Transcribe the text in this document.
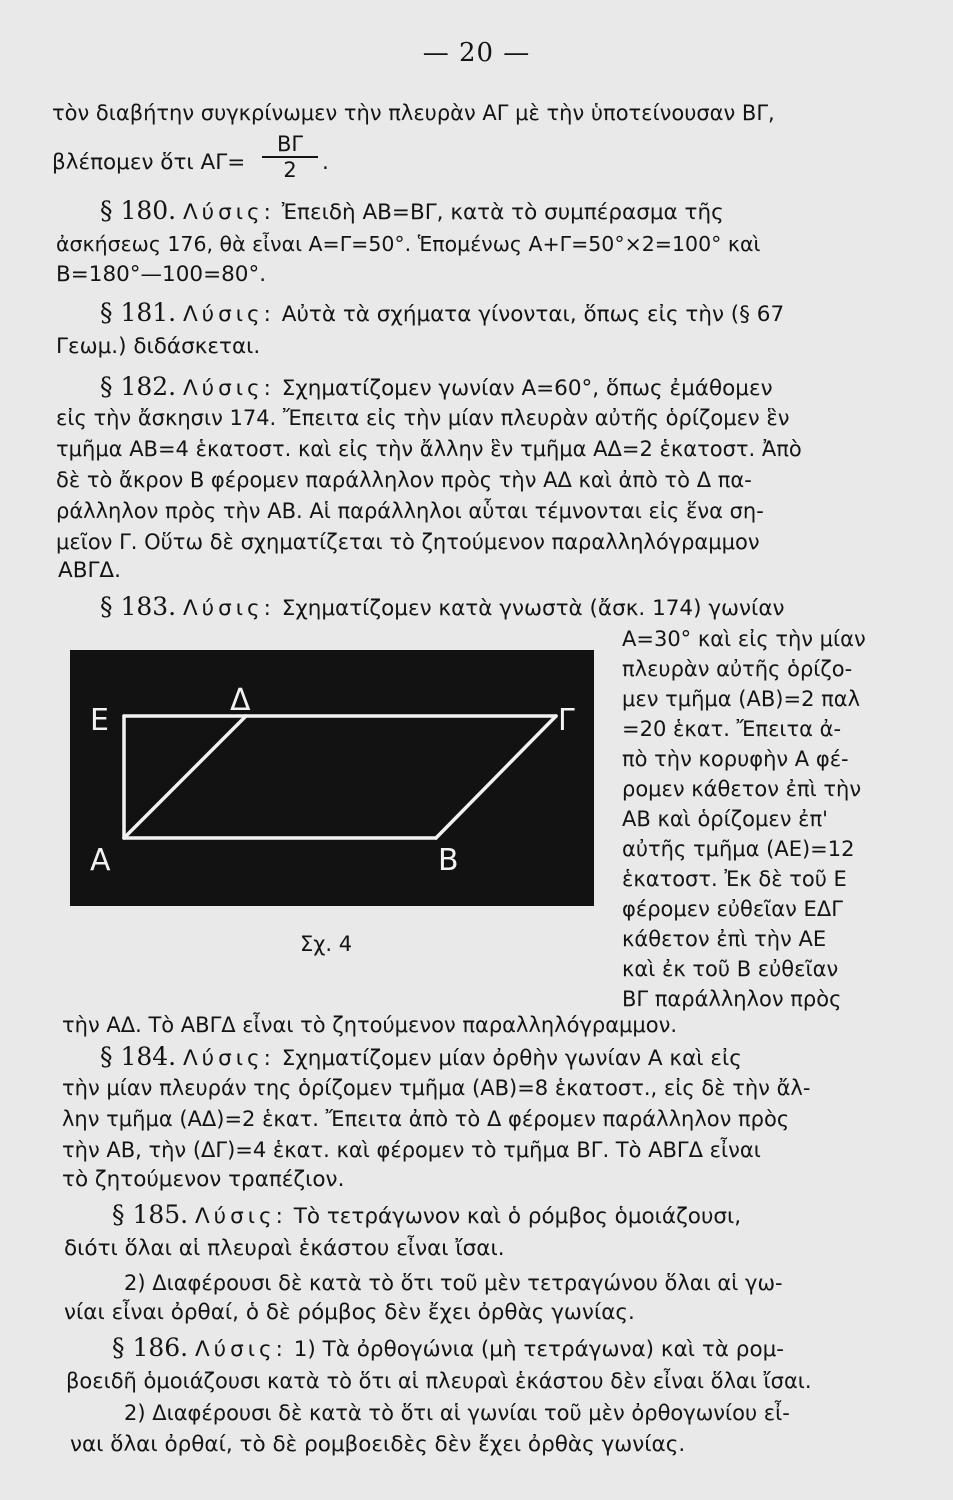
— 20 —
τὸν διαβήτην συγκρίνωμεν τὴν πλευρὰν ΑΓ μὲ τὴν ὑποτείνουσαν ΒΓ,
βλέπομεν ὅτι $A\Gamma= \frac{B\Gamma}{2}$ .
§ 180. Λύσις: Ἐπειδὴ ΑΒ=ΒΓ, κατὰ τὸ συμπέρασμα τῆς
ἀσκήσεως 176, θὰ εἶναι Α=Γ=50°. Ἑπομένως Α+Γ=50°×2=100° καὶ
Β=180°—100=80°.
§ 181. Λύσις: Αὐτὰ τὰ σχήματα γίνονται, ὅπως εἰς τὴν (§ 67
Γεωμ.) διδάσκεται.
§ 182. Λύσις: Σχηματίζομεν γωνίαν Α=60°, ὅπως ἐμάθομεν
εἰς τὴν ἄσκησιν 174. Ἔπειτα εἰς τὴν μίαν πλευρὰν αὐτῆς ὁρίζομεν ἓν
τμῆμα ΑΒ=4 ἑκατοστ. καὶ εἰς τὴν ἄλλην ἓν τμῆμα ΑΔ=2 ἑκατοστ. Ἀπὸ
δὲ τὸ ἄκρον Β φέρομεν παράλληλον πρὸς τὴν ΑΔ καὶ ἀπὸ τὸ Δ πα-
ράλληλον πρὸς τὴν ΑΒ. Αἱ παράλληλοι αὗται τέμνονται εἰς ἕνα ση-
μεῖον Γ. Οὕτω δὲ σχηματίζεται τὸ ζητούμενον παραλληλόγραμμον
ΑΒΓΔ.
§ 183. Λύσις: Σχηματίζομεν κατὰ γνωστὰ (ἄσκ. 174) γωνίαν
Α=30° καὶ εἰς τὴν μίαν
πλευρὰν αὐτῆς ὁρίζο-
μεν τμῆμα (ΑΒ)=2 παλ
=20 ἑκατ. Ἔπειτα ἀ-
πὸ τὴν κορυφὴν Α φέ-
ρομεν κάθετον ἐπὶ τὴν
ΑΒ καὶ ὁρίζομεν ἐπ'
αὐτῆς τμῆμα (ΑΕ)=12
ἑκατοστ. Ἐκ δὲ τοῦ Ε
φέρομεν εὐθεῖαν ΕΔΓ
κάθετον ἐπὶ τὴν ΑΕ
καὶ ἐκ τοῦ Β εὐθεῖαν
ΒΓ παράλληλον πρὸς
τὴν ΑΔ. Τὸ ΑΒΓΔ εἶναι τὸ ζητούμενον παραλληλόγραμμον.
Ε
Δ
Γ
Α	Β
Σχ. 4
§ 184. Λύσις: Σχηματίζομεν μίαν ὀρθὴν γωνίαν Α καὶ εἰς
τὴν μίαν πλευράν της ὁρίζομεν τμῆμα (ΑΒ)=8 ἑκατοστ., εἰς δὲ τὴν ἄλ-
λην τμῆμα (ΑΔ)=2 ἑκατ. Ἔπειτα ἀπὸ τὸ Δ φέρομεν παράλληλον πρὸς
τὴν ΑΒ, τὴν (ΔΓ)=4 ἑκατ. καὶ φέρομεν τὸ τμῆμα ΒΓ. Τὸ ΑΒΓΔ εἶναι
τὸ ζητούμενον τραπέζιον.
§ 185. Λύσις: Τὸ τετράγωνον καὶ ὁ ρόμβος ὁμοιάζουσι,
διότι ὅλαι αἱ πλευραὶ ἑκάστου εἶναι ἴσαι.
2) Διαφέρουσι δὲ κατὰ τὸ ὅτι τοῦ μὲν τετραγώνου ὅλαι αἱ γω-
νίαι εἶναι ὀρθαί, ὁ δὲ ρόμβος δὲν ἔχει ὀρθὰς γωνίας.
§ 186. Λύσις: 1) Τὰ ὀρθογώνια (μὴ τετράγωνα) καὶ τὰ ρομ-
βοειδῆ ὁμοιάζουσι κατὰ τὸ ὅτι αἱ πλευραὶ ἑκάστου δὲν εἶναι ὅλαι ἴσαι.
2) Διαφέρουσι δὲ κατὰ τὸ ὅτι αἱ γωνίαι τοῦ μὲν ὀρθογωνίου εἶ-
ναι ὅλαι ὀρθαί, τὸ δὲ ρομβοειδὲς δὲν ἔχει ὀρθὰς γωνίας.
